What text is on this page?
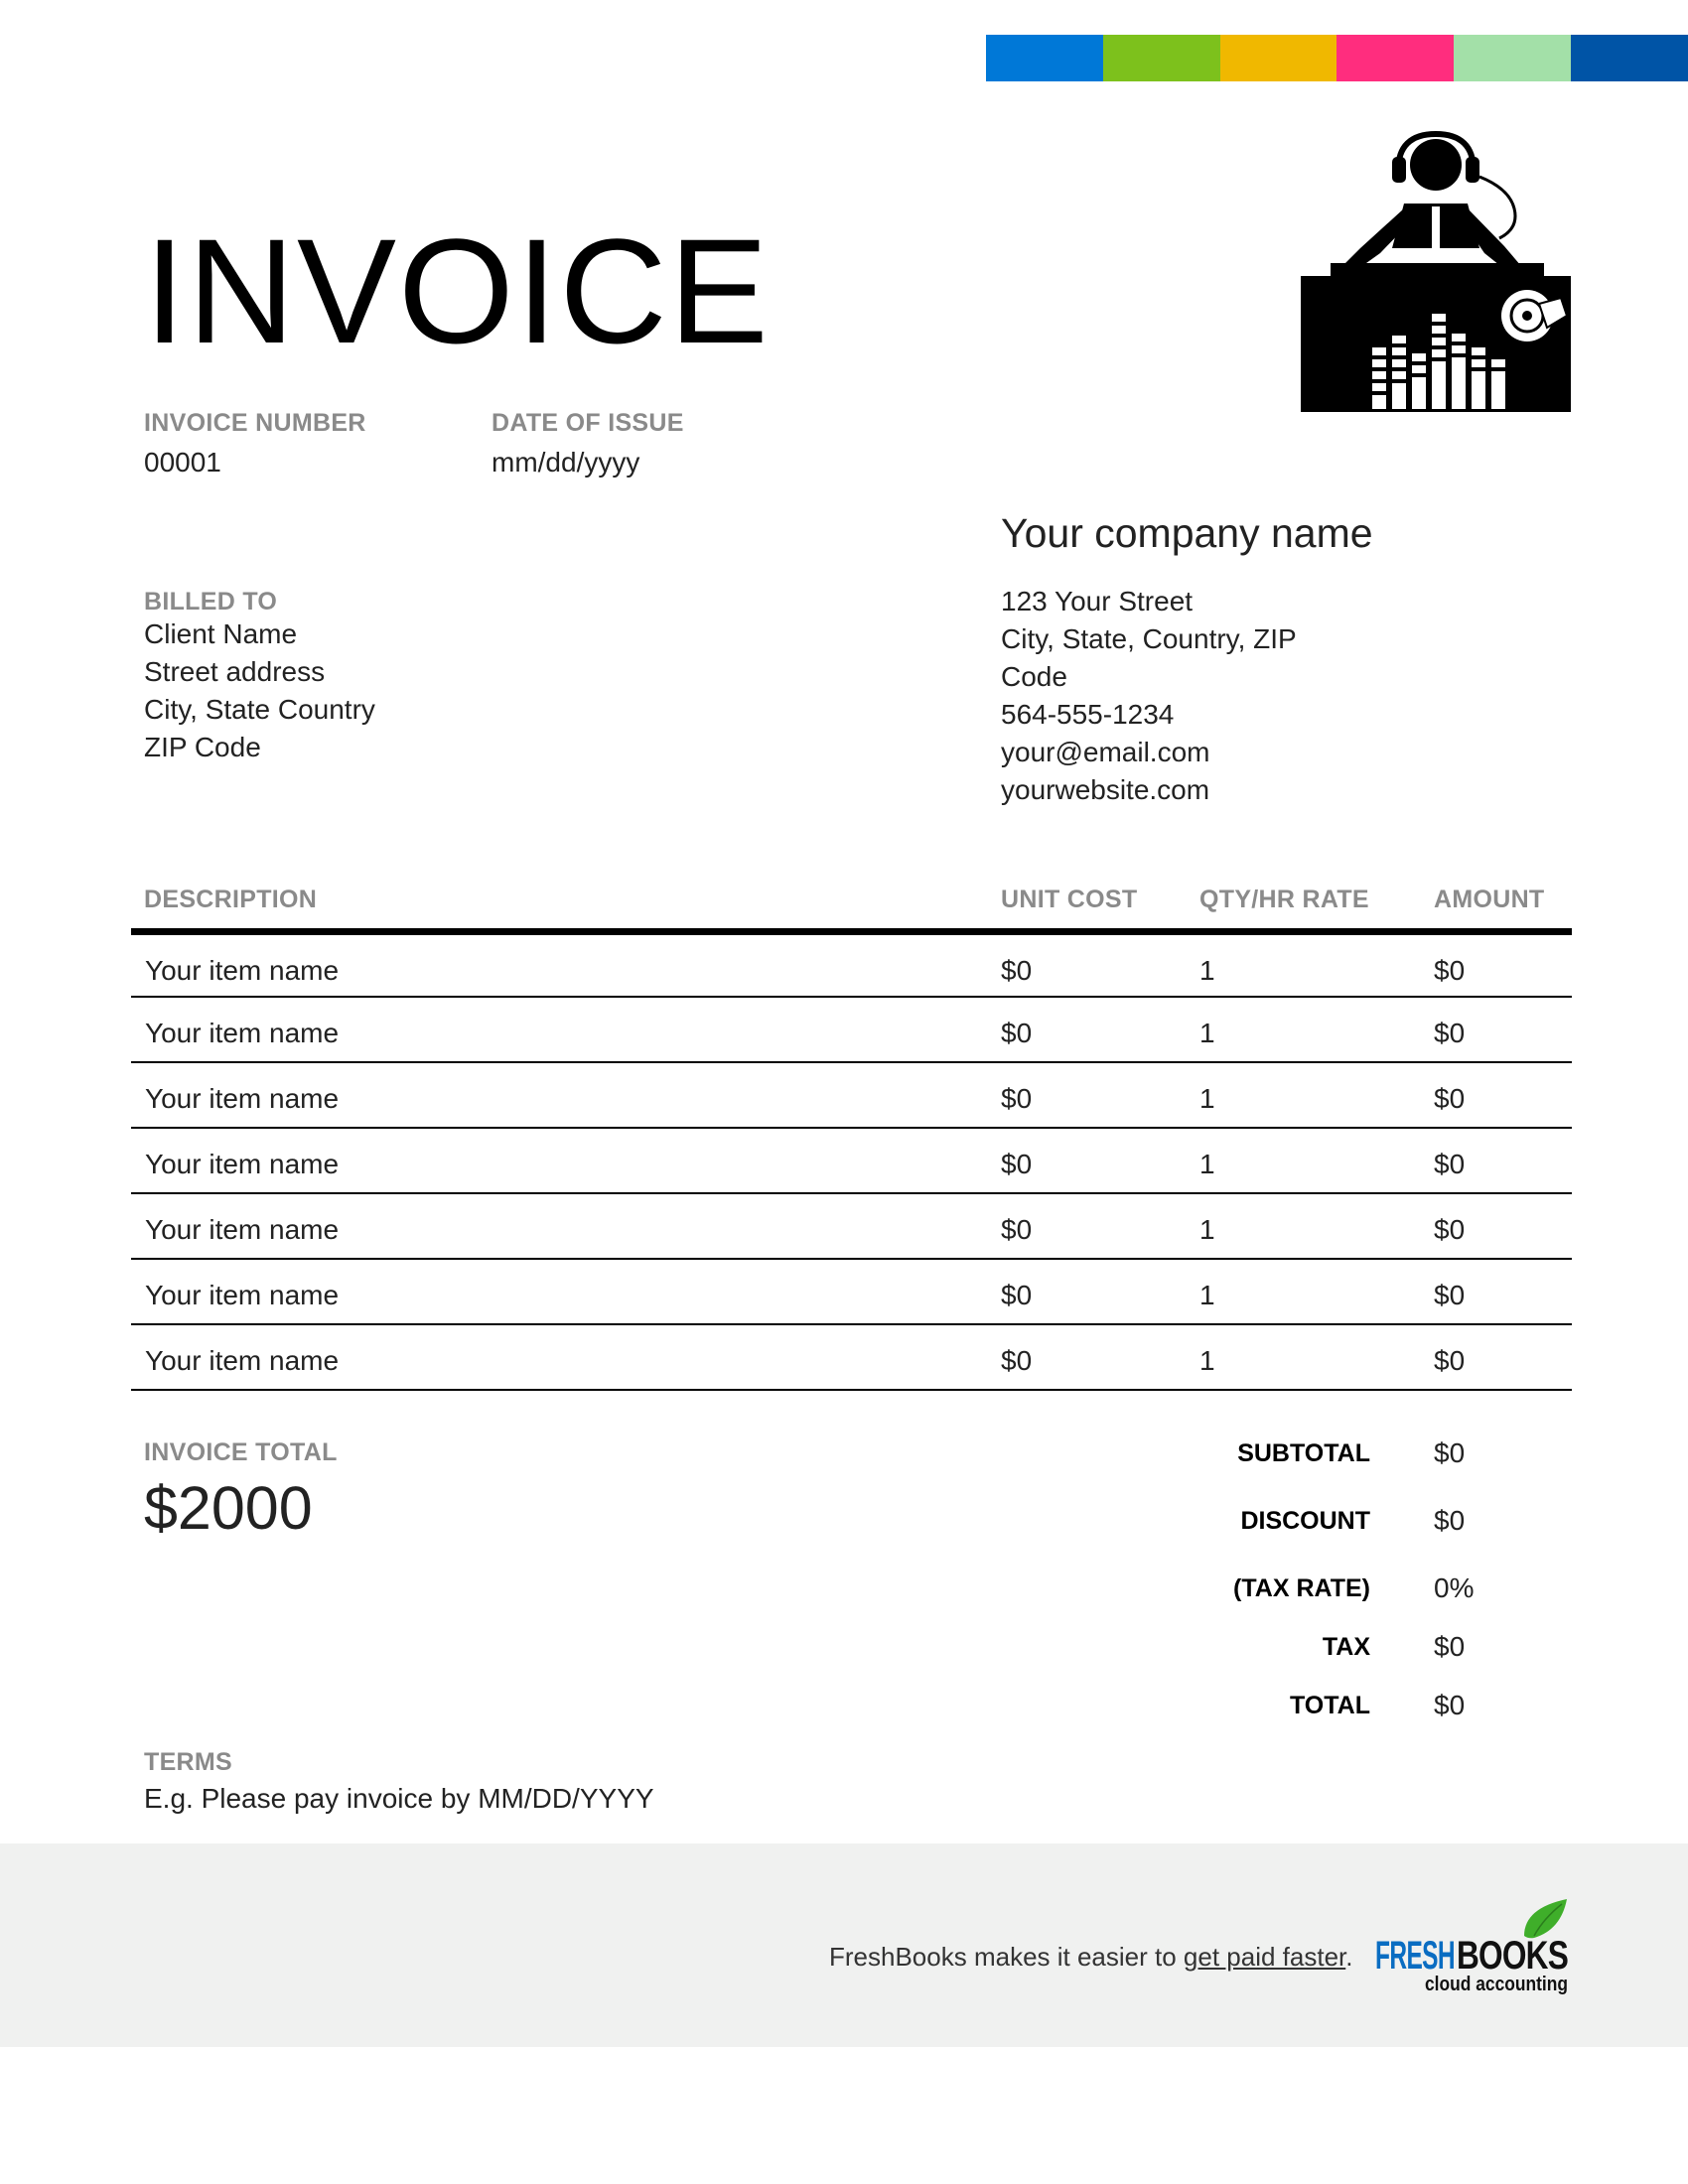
INVOICE
INVOICE NUMBER
00001
DATE OF ISSUE
mm/dd/yyyy
Your company name
123 Your Street
City, State, Country, ZIP
Code
564-555-1234
your@email.com
yourwebsite.com
BILLED TO
Client Name
Street address
City, State Country
ZIP Code
DESCRIPTION	UNIT COST	QTY/HR RATE	AMOUNT
Your item name	$0	1	$0
Your item name	$0	1	$0
Your item name	$0	1	$0
Your item name	$0	1	$0
Your item name	$0	1	$0
Your item name	$0	1	$0
Your item name	$0	1	$0
INVOICE TOTAL
$2000
SUBTOTAL $0
DISCOUNT $0
(TAX RATE) 0%
TAX $0
TOTAL $0
TERMS
E.g. Please pay invoice by MM/DD/YYYY
FreshBooks makes it easier to get paid faster. FRESH BOOKS
cloud accounting
